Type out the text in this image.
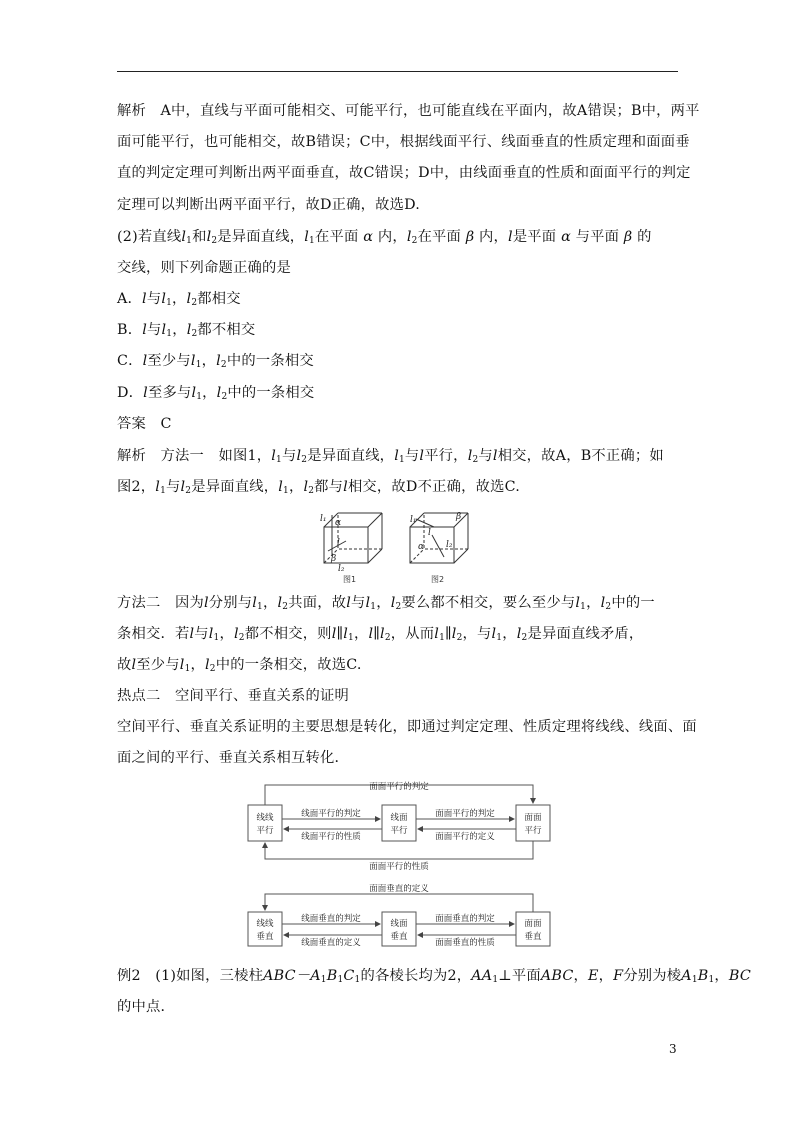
解析　A中，直线与平面可能相交、可能平行，也可能直线在平面内，故A错误；B中，两平
面可能平行，也可能相交，故B错误；C中，根据线面平行、线面垂直的性质定理和面面垂
直的判定定理可判断出两平面垂直，故C错误；D中，由线面垂直的性质和面面平行的判定
定理可以判断出两平面平行，故D正确，故选D.
(2)若直线$l_1$和$l_2$是异面直线，$l_1$在平面 α 内，$l_2$在平面 β 内，l是平面 α 与平面 β 的
交线，则下列命题正确的是
A．l与$l_1$，$l_2$都相交
B．l与$l_1$，$l_2$都不相交
C．l至少与$l_1$，$l_2$中的一条相交
D．l至多与$l_1$，$l_2$中的一条相交
答案　C
解析　方法一　如图1，$l_1$与$l_2$是异面直线，$l_1$与l平行，$l_2$与l相交，故A，B不正确；如
图2，$l_1$与$l_2$是异面直线，$l_1$，$l_2$都与l相交，故D不正确，故选C.
l₁ α
l
β
l₂
图1
l₁	β
l
α l₂
图2
方法二　因为l分别与$l_1$，$l_2$共面，故l与$l_1$，$l_2$要么都不相交，要么至少与$l_1$，$l_2$中的一
条相交．若l与$l_1$，$l_2$都不相交，则$l\parallel l_1$，$l\parallel l_2$，从而$l_1\parallel l_2$，与$l_1$，$l_2$是异面直线矛盾，
故l至少与$l_1$，$l_2$中的一条相交，故选C.
热点二　空间平行、垂直关系的证明
空间平行、垂直关系证明的主要思想是转化，即通过判定定理、性质定理将线线、线面、面
面之间的平行、垂直关系相互转化．
面面平行的判定
面面平行的性质
线线
平行
线面
平行
面面
平行
线面平行的判定
线面平行的性质
面面平行的判定
面面平行的定义
面面垂直的定义
线线
垂直
线面
垂直
面面
垂直
线面垂直的判定
线面垂直的定义
面面垂直的判定
面面垂直的性质
例2　(1)如图，三棱柱$ABC-A_1B_1C_1$的各棱长均为2，$AA_1\perp$平面ABC，E，F分别为棱$A_1B_1$，BC
的中点．
3
